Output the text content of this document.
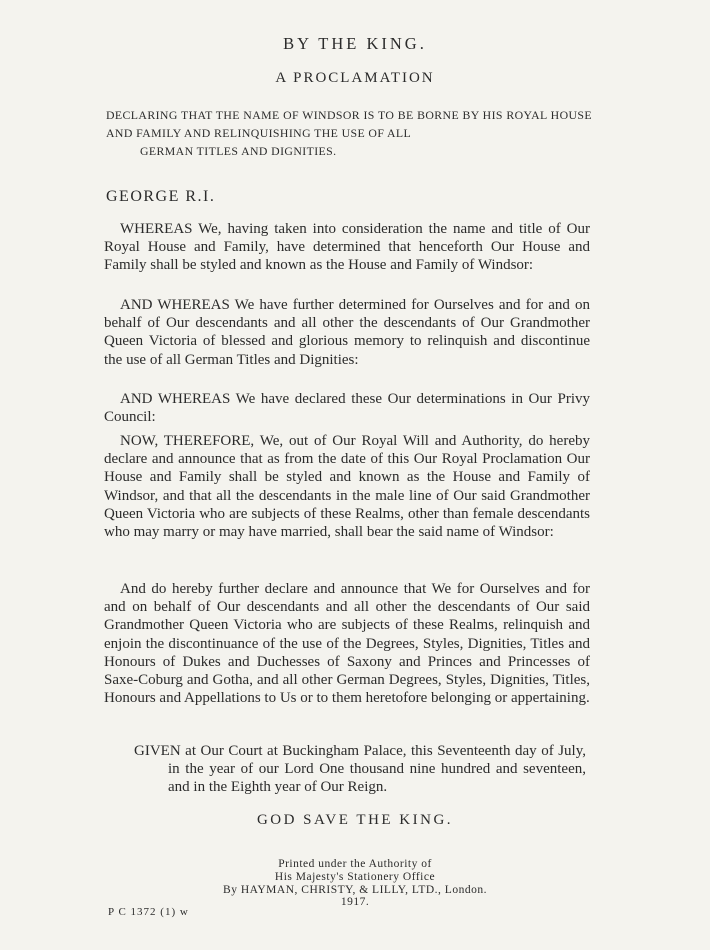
BY THE KING.
A PROCLAMATION
DECLARING THAT THE NAME OF WINDSOR IS TO BE BORNE BY HIS ROYAL HOUSE AND FAMILY AND RELINQUISHING THE USE OF ALL
GERMAN TITLES AND DIGNITIES.
GEORGE R.I.
WHEREAS We, having taken into consideration the name and title of Our Royal House and Family, have determined that henceforth Our House and Family shall be styled and known as the House and Family of Windsor:
AND WHEREAS We have further determined for Ourselves and for and on behalf of Our descendants and all other the descendants of Our Grandmother Queen Victoria of blessed and glorious memory to relinquish and discontinue the use of all German Titles and Dignities:
AND WHEREAS We have declared these Our determinations in Our Privy Council:
NOW, THEREFORE, We, out of Our Royal Will and Authority, do hereby declare and announce that as from the date of this Our Royal Proclamation Our House and Family shall be styled and known as the House and Family of Windsor, and that all the descendants in the male line of Our said Grandmother Queen Victoria who are subjects of these Realms, other than female descendants who may marry or may have married, shall bear the said name of Windsor:
And do hereby further declare and announce that We for Ourselves and for and on behalf of Our descendants and all other the descendants of Our said Grandmother Queen Victoria who are subjects of these Realms, relinquish and enjoin the discontinuance of the use of the Degrees, Styles, Dignities, Titles and Honours of Dukes and Duchesses of Saxony and Princes and Princesses of Saxe-Coburg and Gotha, and all other German Degrees, Styles, Dignities, Titles, Honours and Appellations to Us or to them heretofore belonging or appertaining.
GIVEN at Our Court at Buckingham Palace, this Seventeenth day of July, in the year of our Lord One thousand nine hundred and seventeen, and in the Eighth year of Our Reign.
GOD SAVE THE KING.
Printed under the Authority of
His Majesty's Stationery Office
By HAYMAN, CHRISTY, & LILLY, LTD., London.
1917.
P C 1372 (1) w
